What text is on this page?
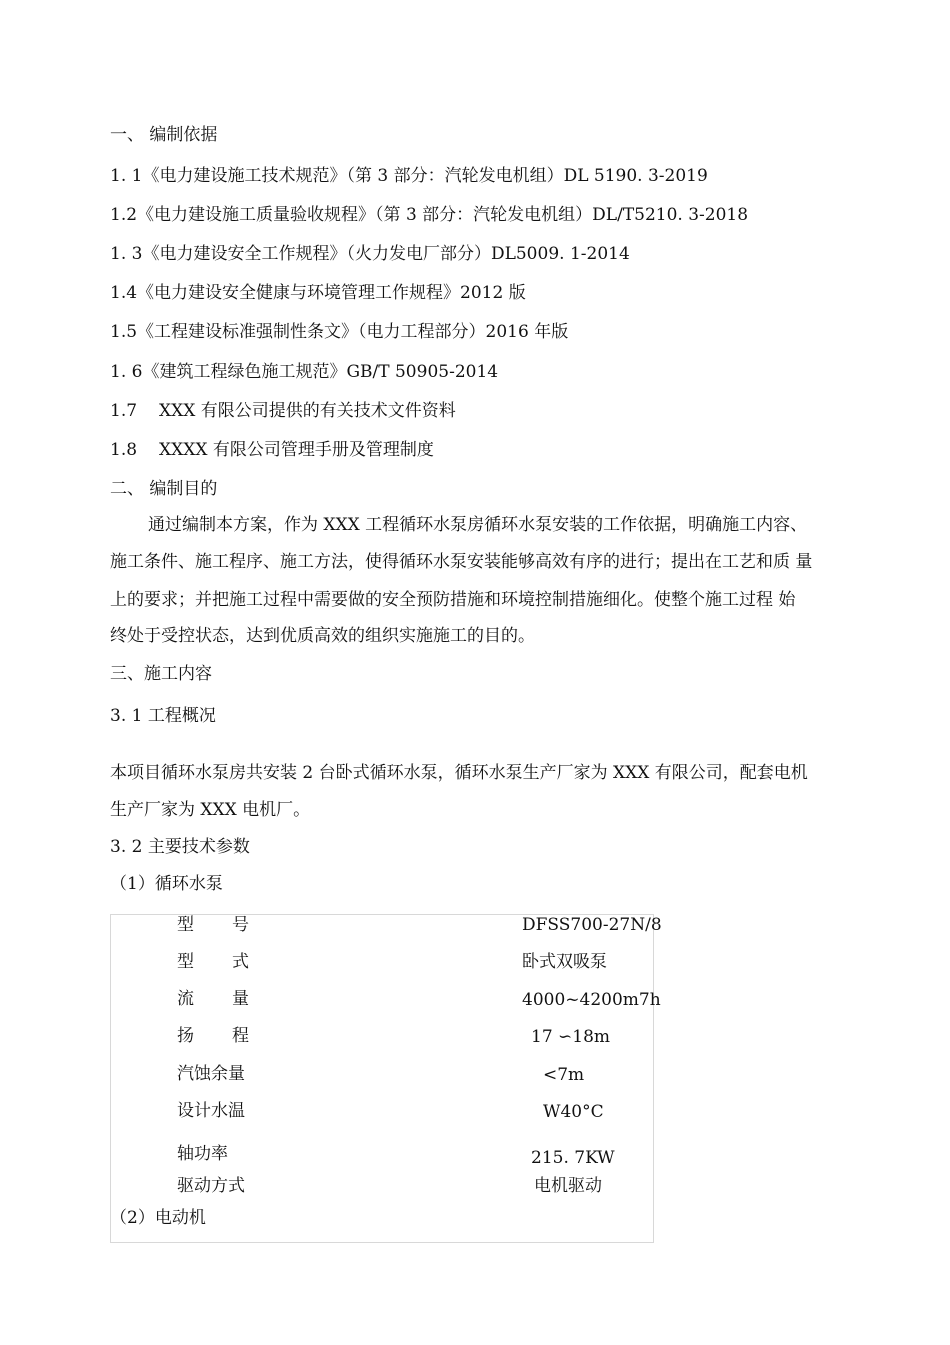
一、 编制依据
1. 1《电力建设施工技术规范》（第 3 部分：汽轮发电机组）DL 5190. 3-2019
1.2《电力建设施工质量验收规程》（第 3 部分：汽轮发电机组）DL/T5210. 3-2018
1. 3《电力建设安全工作规程》（火力发电厂部分）DL5009. 1-2014
1.4《电力建设安全健康与环境管理工作规程》2012 版
1.5《工程建设标准强制性条文》（电力工程部分）2016 年版
1. 6《建筑工程绿色施工规范》GB/T 50905-2014
1.7 XXX 有限公司提供的有关技术文件资料
1.8 XXXX 有限公司管理手册及管理制度
二、 编制目的
通过编制本方案，作为 XXX 工程循环水泵房循环水泵安装的工作依据，明确施工内容、
施工条件、施工程序、施工方法，使得循环水泵安装能够高效有序的进行；提出在工艺和质 量
上的要求；并把施工过程中需要做的安全预防措施和环境控制措施细化。使整个施工过程 始
终处于受控状态，达到优质高效的组织实施施工的目的。
三、施工内容
3. 1 工程概况
本项目循环水泵房共安装 2 台卧式循环水泵，循环水泵生产厂家为 XXX 有限公司，配套电机
生产厂家为 XXX 电机厂。
3. 2 主要技术参数
（1）循环水泵
型号	DFSS700-27N/8
型式	卧式双吸泵
流量	4000~4200m7h
扬程	17 ∽18m
汽蚀余量	<7m
设计水温	W40°C
轴功率	215. 7KW
驱动方式	电机驱动
（2）电动机
